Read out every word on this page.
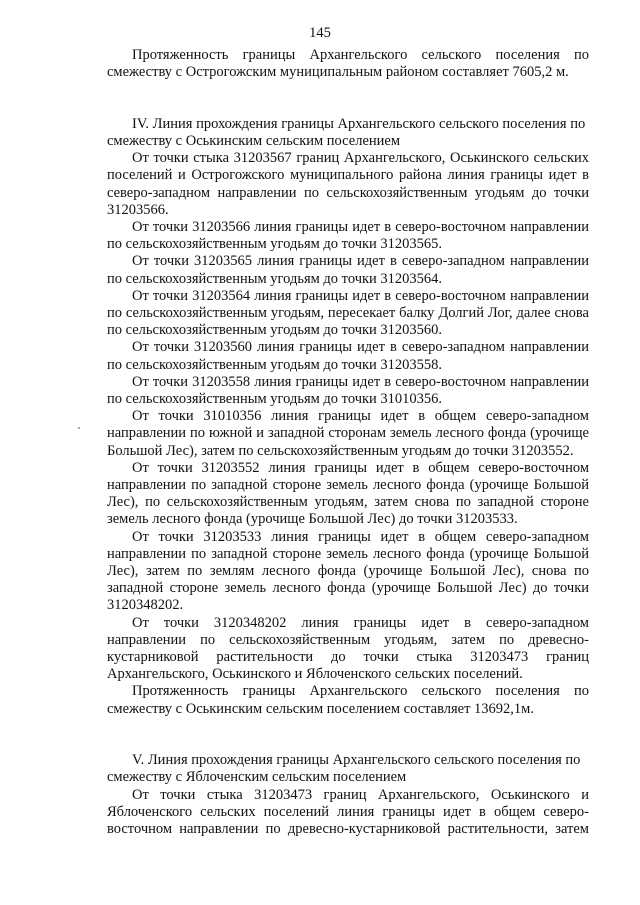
145

Протяженность границы Архангельского сельского поселения по смежеству с Острогожским муниципальным районом составляет 7605,2 м.

IV. Линия прохождения границы Архангельского сельского поселения по смежеству с Оськинским сельским поселением

От точки стыка 31203567 границ Архангельского, Оськинского сельских поселений и Острогожского муниципального района линия границы идет в северо-западном направлении по сельскохозяйственным угодьям до точки 31203566.

От точки 31203566 линия границы идет в северо-восточном направлении по сельскохозяйственным угодьям до точки 31203565.

От точки 31203565 линия границы идет в северо-западном направлении по сельскохозяйственным угодьям до точки 31203564.

От точки 31203564 линия границы идет в северо-восточном направлении по сельскохозяйственным угодьям, пересекает балку Долгий Лог, далее снова по сельскохозяйственным угодьям до точки 31203560.

От точки 31203560 линия границы идет в северо-западном направлении по сельскохозяйственным угодьям до точки 31203558.

От точки 31203558 линия границы идет в северо-восточном направлении по сельскохозяйственным угодьям до точки 31010356.

От точки 31010356 линия границы идет в общем северо-западном направлении по южной и западной сторонам земель лесного фонда (урочище Большой Лес), затем по сельскохозяйственным угодьям до точки 31203552.

От точки 31203552 линия границы идет в общем северо-восточном направлении по западной стороне земель лесного фонда (урочище Большой Лес), по сельскохозяйственным угодьям, затем снова по западной стороне земель лесного фонда (урочище Большой Лес) до точки 31203533.

От точки 31203533 линия границы идет в общем северо-западном направлении по западной стороне земель лесного фонда (урочище Большой Лес), затем по землям лесного фонда (урочище Большой Лес), снова по западной стороне земель лесного фонда (урочище Большой Лес) до точки 3120348202.

От точки 3120348202 линия границы идет в северо-западном направлении по сельскохозяйственным угодьям, затем по древесно-кустарниковой растительности до точки стыка 31203473 границ Архангельского, Оськинского и Яблоченского сельских поселений.

Протяженность границы Архангельского сельского поселения по смежеству с Оськинским сельским поселением составляет 13692,1м.

V. Линия прохождения границы Архангельского сельского поселения по смежеству с Яблоченским сельским поселением

От точки стыка 31203473 границ Архангельского, Оськинского и Яблоченского сельских поселений линия границы идет в общем северо-восточном направлении по древесно-кустарниковой растительности, затем
